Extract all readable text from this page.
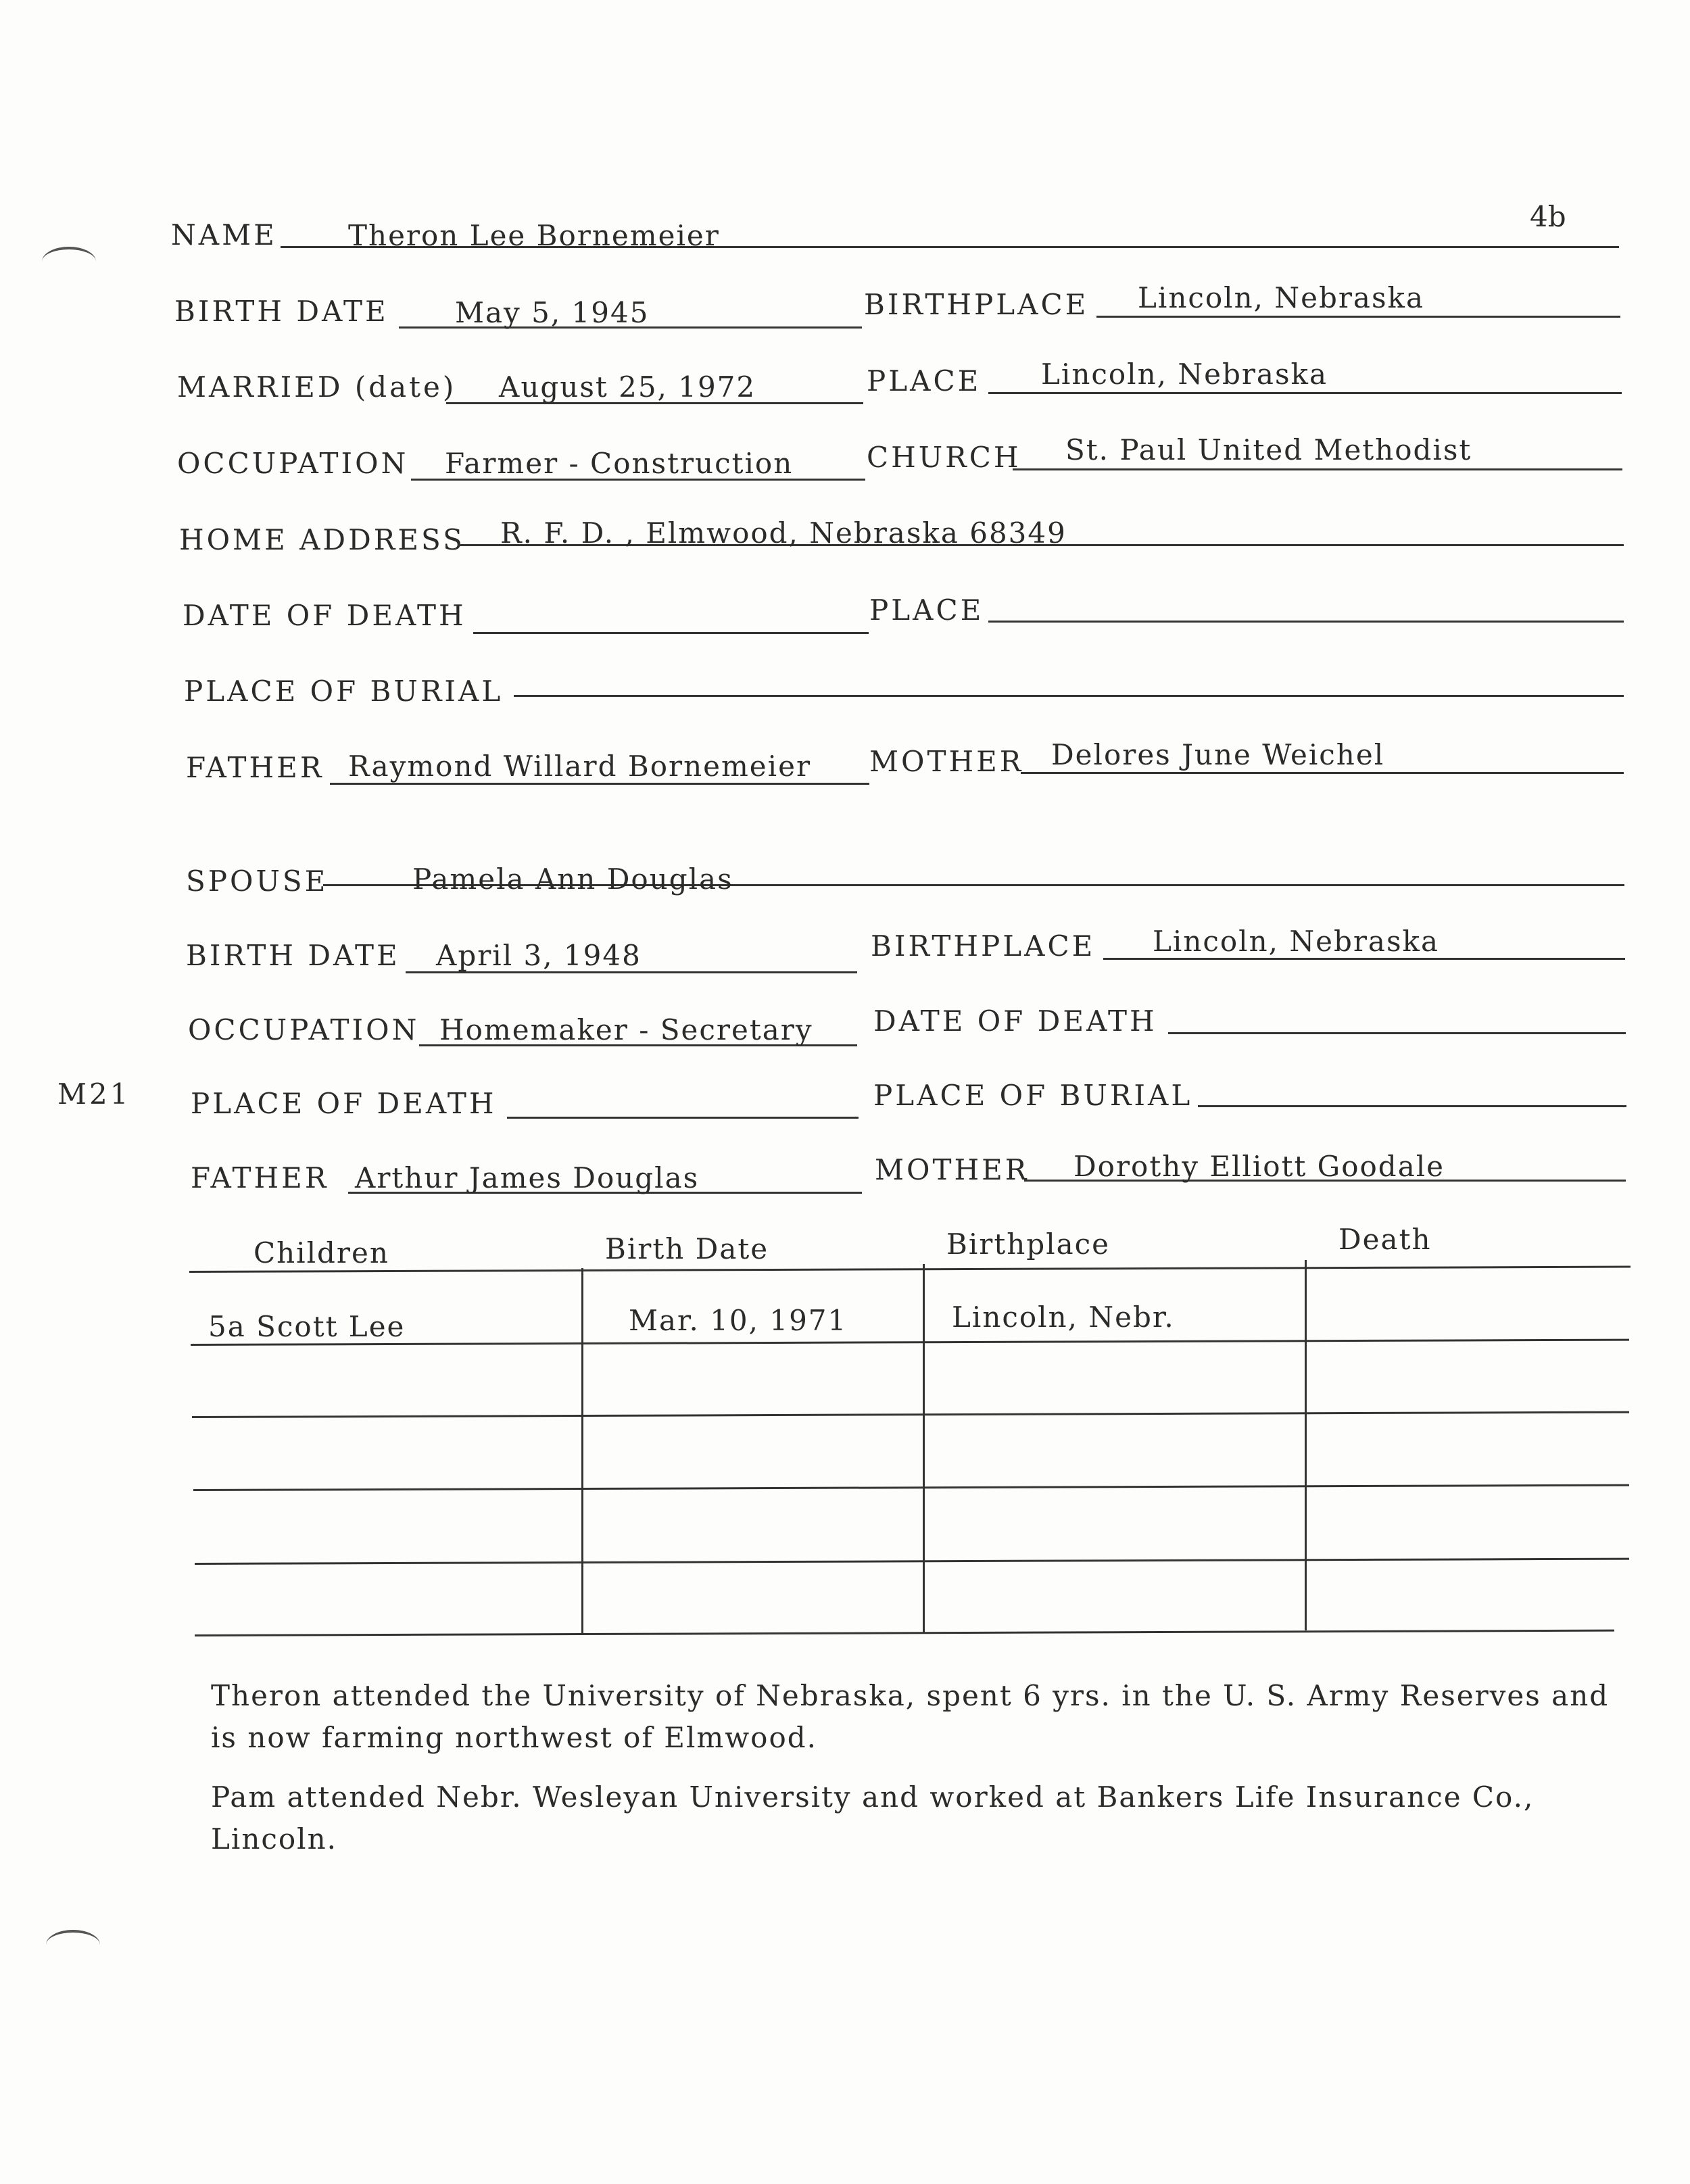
4b
M21
NAME	Theron Lee Bornemeier
BIRTH DATE May 5, 1945	BIRTHPLACE Lincoln, Nebraska
MARRIED (date) August 25, 1972	PLACE Lincoln, Nebraska
OCCUPATION Farmer - Construction	CHURCH St. Paul United Methodist
HOME ADDRESS R. F. D. , Elmwood, Nebraska 68349
DATE OF DEATH	PLACE
PLACE OF BURIAL
FATHER Raymond Willard Bornemeier MOTHER Delores June Weichel
SPOUSE	Pamela Ann Douglas
BIRTH DATE April 3, 1948	BIRTHPLACE Lincoln, Nebraska
OCCUPATION Homemaker - Secretary DATE OF DEATH
PLACE OF DEATH	PLACE OF BURIAL
FATHER Arthur James Douglas	MOTHER Dorothy Elliott Goodale
Children	Birth Date	Birthplace	Death
5a Scott Lee	Mar. 10, 1971	Lincoln, Nebr.

Theron attended the University of Nebraska, spent 6 yrs. in the U. S. Army Reserves and is now farming northwest of Elmwood.

Pam attended Nebr. Wesleyan University and worked at Bankers Life Insurance Co., Lincoln.
